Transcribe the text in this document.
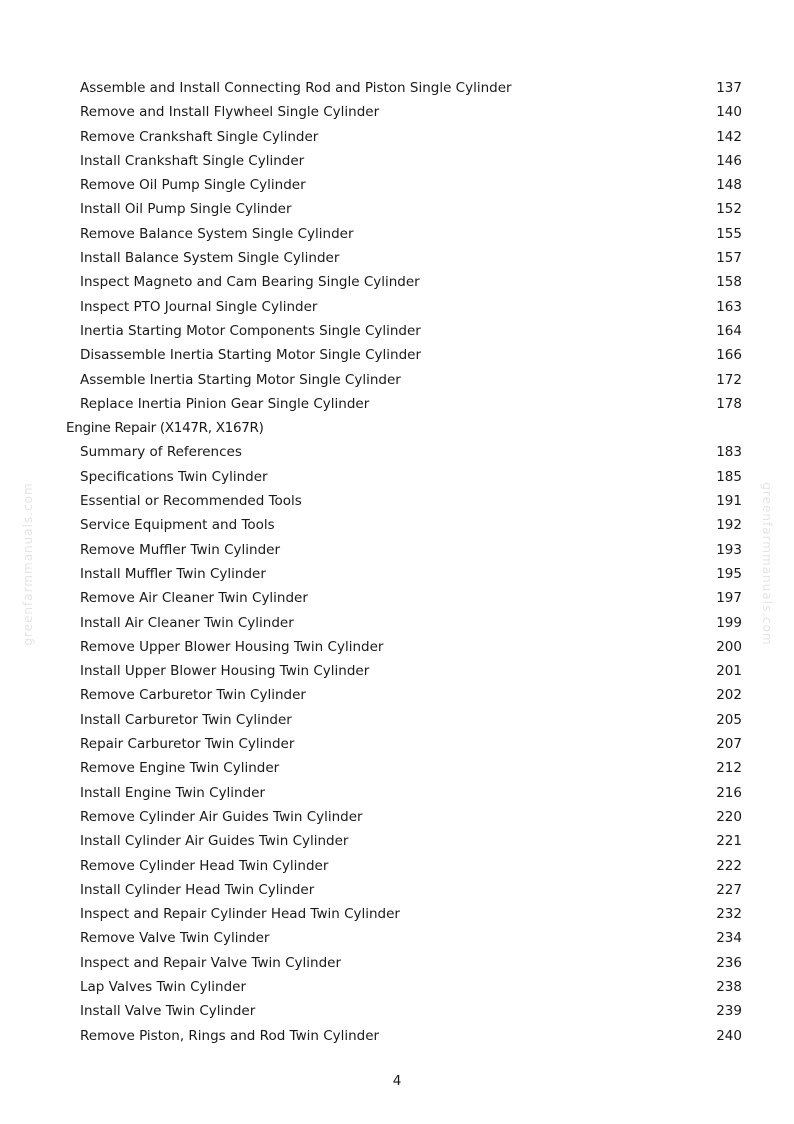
greenfarmmanuals.com	greenfarmmanuals.com
Assemble and Install Connecting Rod and Piston Single Cylinder	137
Remove and Install Flywheel Single Cylinder	140
Remove Crankshaft Single Cylinder	142
Install Crankshaft Single Cylinder	146
Remove Oil Pump Single Cylinder	148
Install Oil Pump Single Cylinder	152
Remove Balance System Single Cylinder	155
Install Balance System Single Cylinder	157
Inspect Magneto and Cam Bearing Single Cylinder	158
Inspect PTO Journal Single Cylinder	163
Inertia Starting Motor Components Single Cylinder	164
Disassemble Inertia Starting Motor Single Cylinder	166
Assemble Inertia Starting Motor Single Cylinder	172
Replace Inertia Pinion Gear Single Cylinder	178
Engine Repair (X147R, X167R)
Summary of References	183
Specifications Twin Cylinder	185
Essential or Recommended Tools	191
Service Equipment and Tools	192
Remove Muffler Twin Cylinder	193
Install Muffler Twin Cylinder	195
Remove Air Cleaner Twin Cylinder	197
Install Air Cleaner Twin Cylinder	199
Remove Upper Blower Housing Twin Cylinder	200
Install Upper Blower Housing Twin Cylinder	201
Remove Carburetor Twin Cylinder	202
Install Carburetor Twin Cylinder	205
Repair Carburetor Twin Cylinder	207
Remove Engine Twin Cylinder	212
Install Engine Twin Cylinder	216
Remove Cylinder Air Guides Twin Cylinder	220
Install Cylinder Air Guides Twin Cylinder	221
Remove Cylinder Head Twin Cylinder	222
Install Cylinder Head Twin Cylinder	227
Inspect and Repair Cylinder Head Twin Cylinder	232
Remove Valve Twin Cylinder	234
Inspect and Repair Valve Twin Cylinder	236
Lap Valves Twin Cylinder	238
Install Valve Twin Cylinder	239
Remove Piston, Rings and Rod Twin Cylinder	240
4
